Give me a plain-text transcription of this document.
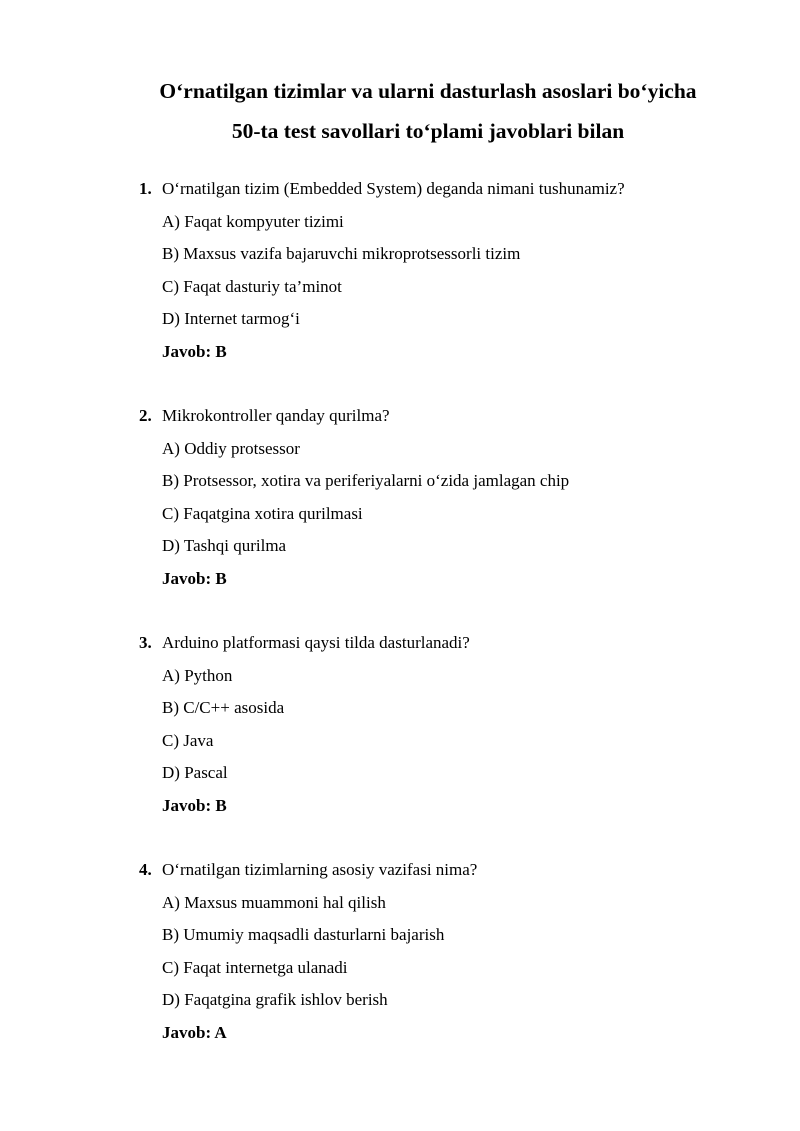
O‘rnatilgan tizimlar va ularni dasturlash asoslari bo‘yicha
50-ta test savollari to‘plami javoblari bilan
1. O‘rnatilgan tizim (Embedded System) deganda nimani tushunamiz?
A) Faqat kompyuter tizimi
B) Maxsus vazifa bajaruvchi mikroprotsessorli tizim
C) Faqat dasturiy ta’minot
D) Internet tarmog‘i
Javob: B
2. Mikrokontroller qanday qurilma?
A) Oddiy protsessor
B) Protsessor, xotira va periferiyalarni o‘zida jamlagan chip
C) Faqatgina xotira qurilmasi
D) Tashqi qurilma
Javob: B
3. Arduino platformasi qaysi tilda dasturlanadi?
A) Python
B) C/C++ asosida
C) Java
D) Pascal
Javob: B
4. O‘rnatilgan tizimlarning asosiy vazifasi nima?
A) Maxsus muammoni hal qilish
B) Umumiy maqsadli dasturlarni bajarish
C) Faqat internetga ulanadi
D) Faqatgina grafik ishlov berish
Javob: A
